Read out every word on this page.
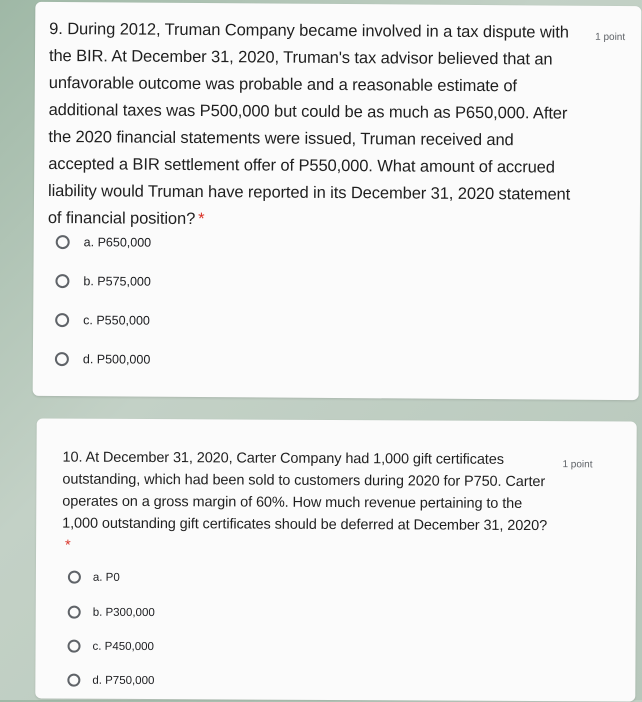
9. During 2012, Truman Company became involved in a tax dispute with the BIR. At December 31, 2020, Truman's tax advisor believed that an unfavorable outcome was probable and a reasonable estimate of additional taxes was P500,000 but could be as much as P650,000. After the 2020 financial statements were issued, Truman received and accepted a BIR settlement offer of P550,000. What amount of accrued liability would Truman have reported in its December 31, 2020 statement of financial position? *
1 point
a. P650,000
b. P575,000
c. P550,000
d. P500,000
10. At December 31, 2020, Carter Company had 1,000 gift certificates outstanding, which had been sold to customers during 2020 for P750. Carter operates on a gross margin of 60%. How much revenue pertaining to the 1,000 outstanding gift certificates should be deferred at December 31, 2020?*
1 point
a. P0
b. P300,000
c. P450,000
d. P750,000
